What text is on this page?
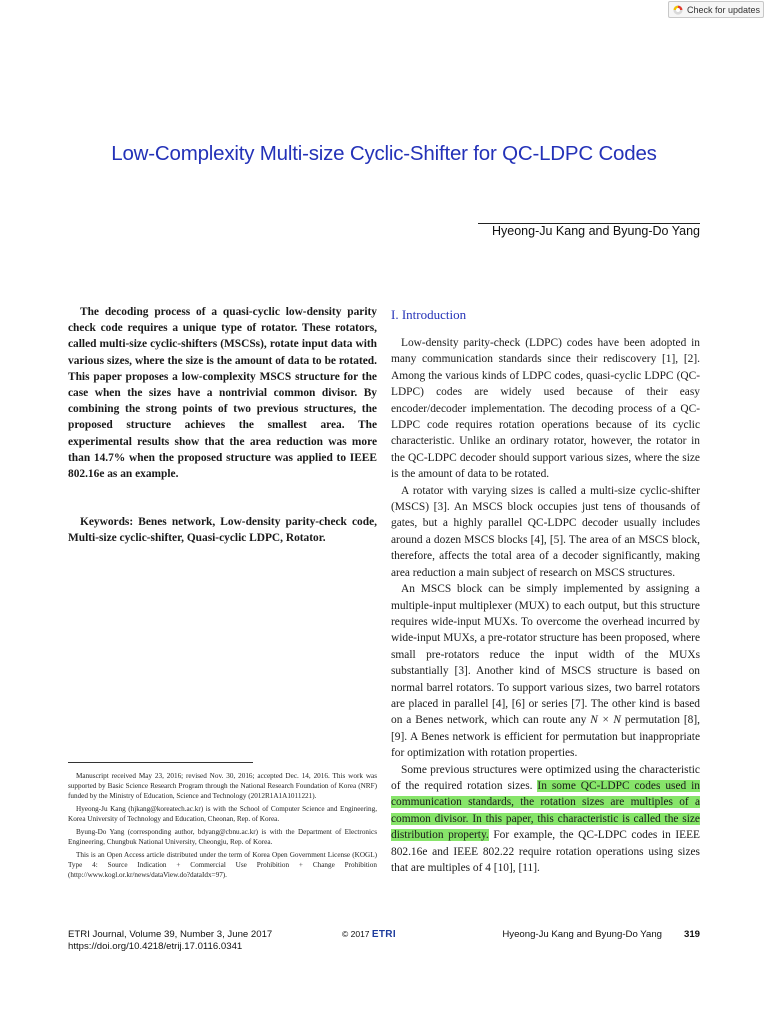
Check for updates
Low-Complexity Multi-size Cyclic-Shifter for QC-LDPC Codes

Hyeong-Ju Kang and Byung-Do Yang

The decoding process of a quasi-cyclic low-density parity check code requires a unique type of rotator. These rotators, called multi-size cyclic-shifters (MSCSs), rotate input data with various sizes, where the size is the amount of data to be rotated. This paper proposes a low-complexity MSCS structure for the case when the sizes have a nontrivial common divisor. By combining the strong points of two previous structures, the proposed structure achieves the smallest area. The experimental results show that the area reduction was more than 14.7% when the proposed structure was applied to IEEE 802.16e as an example.

Keywords: Benes network, Low-density parity-check code, Multi-size cyclic-shifter, Quasi-cyclic LDPC, Rotator.

Manuscript received May 23, 2016; revised Nov. 30, 2016; accepted Dec. 14, 2016. This work was supported by Basic Science Research Program through the National Research Foundation of Korea (NRF) funded by the Ministry of Education, Science and Technology (2012R1A1A1011221).

Hyeong-Ju Kang (hjkang@koreatech.ac.kr) is with the School of Computer Science and Engineering, Korea University of Technology and Education, Cheonan, Rep. of Korea.

Byung-Do Yang (corresponding author, bdyang@cbnu.ac.kr) is with the Department of Electronics Engineering, Chungbuk National University, Cheongju, Rep. of Korea.

This is an Open Access article distributed under the term of Korea Open Government License (KOGL) Type 4: Source Indication + Commercial Use Prohibition + Change Prohibition (http://www.kogl.or.kr/news/dataView.do?dataIdx=97).

I. Introduction

Low-density parity-check (LDPC) codes have been adopted in many communication standards since their rediscovery [1], [2]. Among the various kinds of LDPC codes, quasi-cyclic LDPC (QC-LDPC) codes are widely used because of their easy encoder/decoder implementation. The decoding process of a QC-LDPC code requires rotation operations because of its cyclic characteristic. Unlike an ordinary rotator, however, the rotator in the QC-LDPC decoder should support various sizes, where the size is the amount of data to be rotated.

A rotator with varying sizes is called a multi-size cyclic-shifter (MSCS) [3]. An MSCS block occupies just tens of thousands of gates, but a highly parallel QC-LDPC decoder usually includes around a dozen MSCS blocks [4], [5]. The area of an MSCS block, therefore, affects the total area of a decoder significantly, making area reduction a main subject of research on MSCS structures.

An MSCS block can be simply implemented by assigning a multiple-input multiplexer (MUX) to each output, but this structure requires wide-input MUXs. To overcome the overhead incurred by wide-input MUXs, a pre-rotator structure has been proposed, where small pre-rotators reduce the input width of the MUXs substantially [3]. Another kind of MSCS structure is based on normal barrel rotators. To support various sizes, two barrel rotators are placed in parallel [4], [6] or series [7]. The other kind is based on a Benes network, which can route any N × N permutation [8], [9]. A Benes network is efficient for permutation but inappropriate for optimization with rotation properties.

Some previous structures were optimized using the characteristic of the required rotation sizes. In some QC-LDPC codes used in communication standards, the rotation sizes are multiples of a common divisor. In this paper, this characteristic is called the size distribution property. For example, the QC-LDPC codes in IEEE 802.16e and IEEE 802.22 require rotation operations using sizes that are multiples of 4 [10], [11].

ETRI Journal, Volume 39, Number 3, June 2017
https://doi.org/10.4218/etrij.17.0116.0341
© 2017 ETRI	Hyeong-Ju Kang and Byung-Do Yang 319
